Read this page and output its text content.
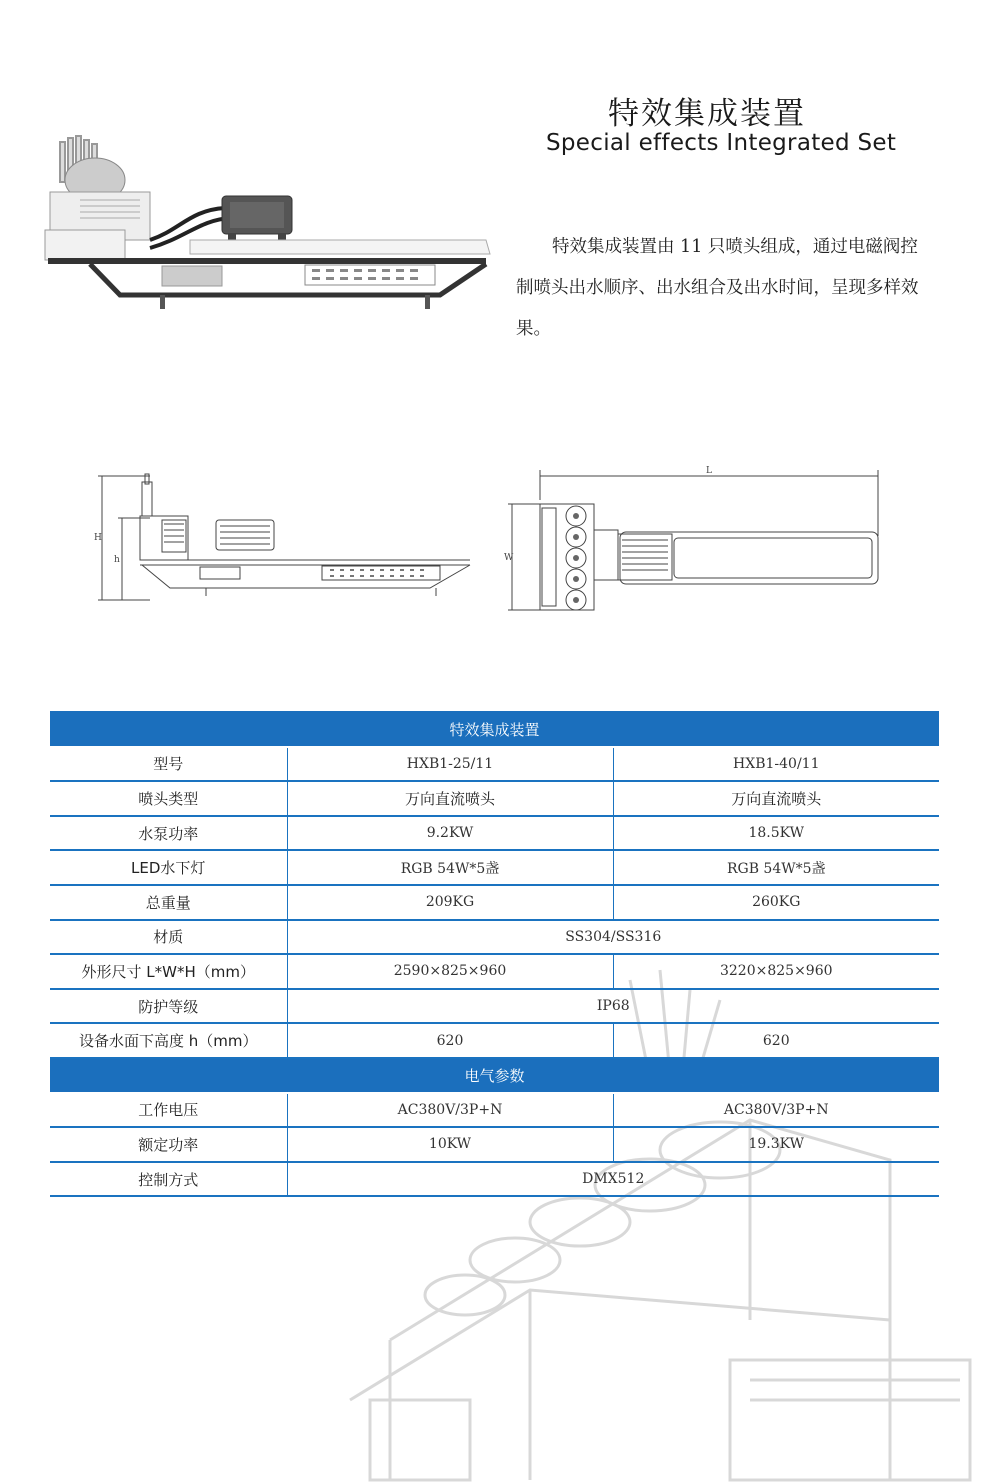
特效集成装置
Special effects Integrated Set
特效集成装置由 11 只喷头组成，通过电磁阀控制喷头出水顺序、出水组合及出水时间，呈现多样效果。
H
h
L
W
特效集成装置		
型号	HXB1-25/11	HXB1-40/11
喷头类型	万向直流喷头	万向直流喷头
水泵功率	9.2KW	18.5KW
LED水下灯	RGB 54W*5盏	RGB 54W*5盏
总重量	209KG	260KG
材质	SS304/SS316	
外形尺寸 L*W*H（mm）	2590×825×960	3220×825×960
防护等级	IP68	
设备水面下高度 h（mm）	620	620
电气参数		
工作电压	AC380V/3P+N	AC380V/3P+N
额定功率	10KW	19.3KW
控制方式	DMX512	
